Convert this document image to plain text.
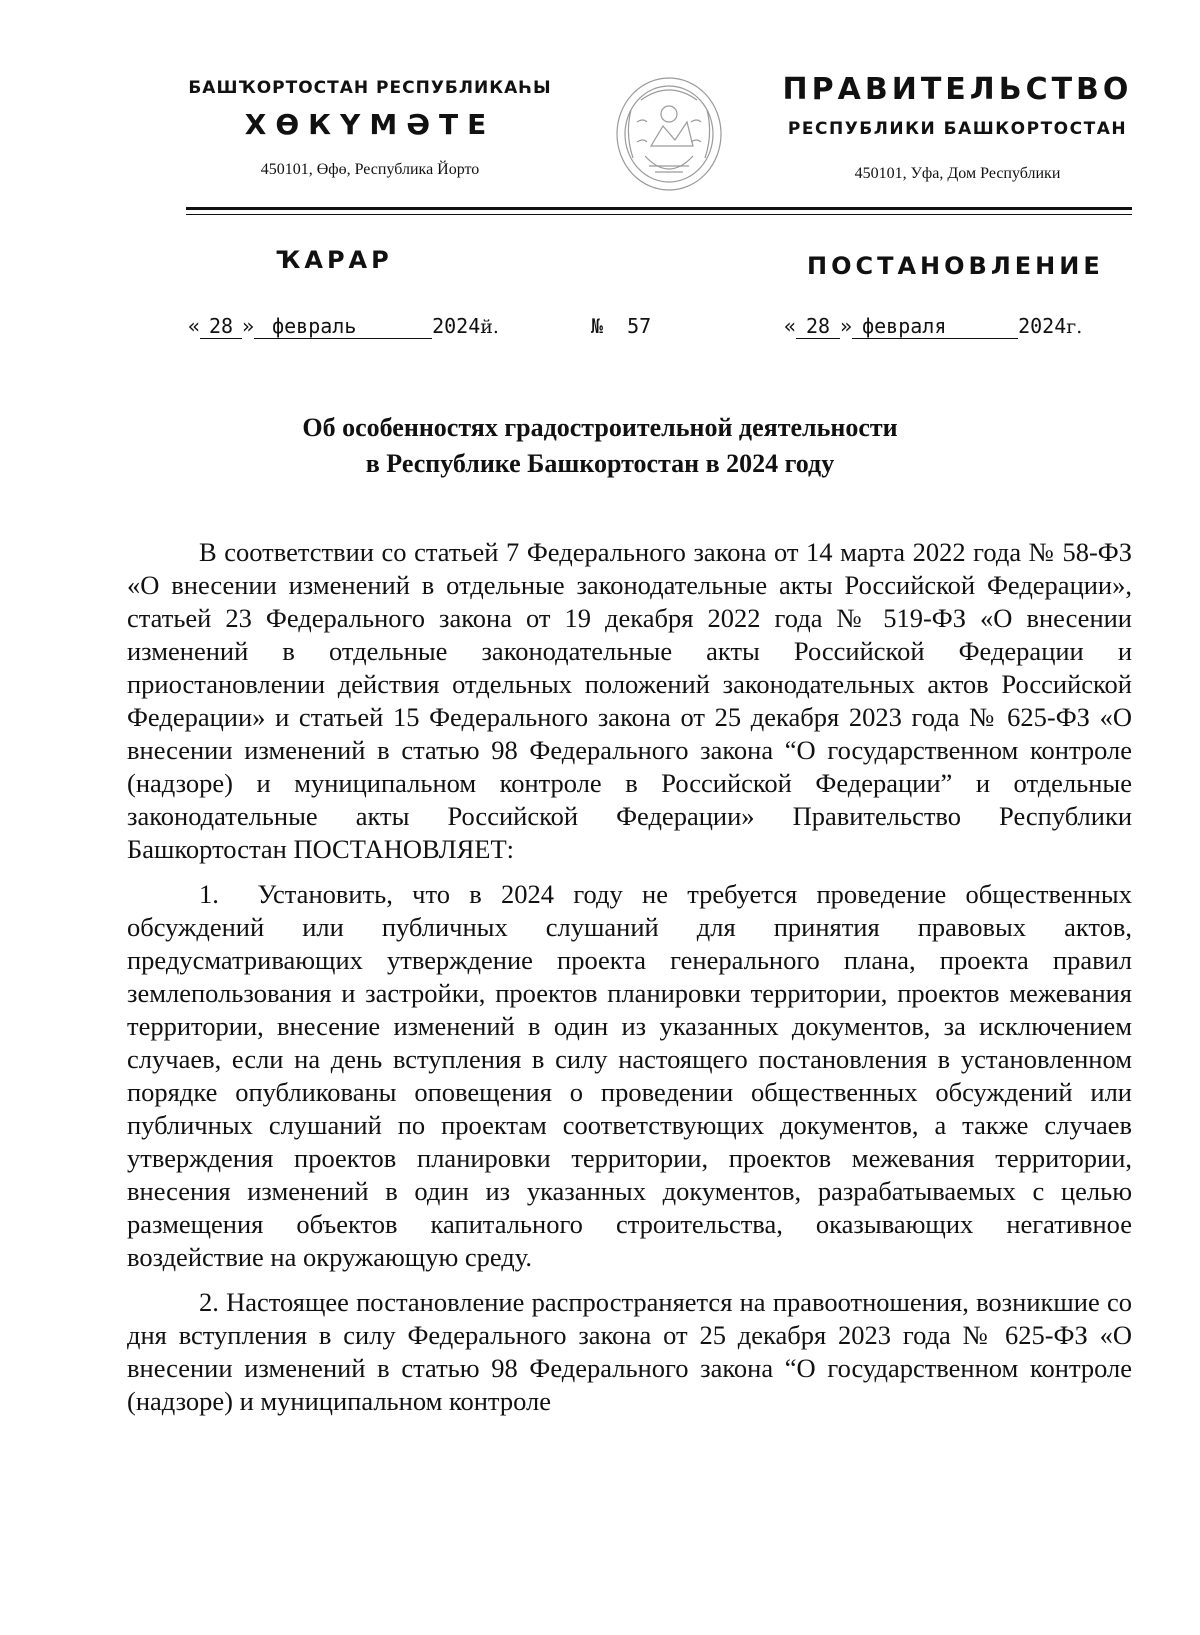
БАШҠОРТОСТАН РЕСПУБЛИКАҺЫ
ХӨКҮМӘТЕ
450101, Өфө, Республика Йорто
ПРАВИТЕЛЬСТВО
РЕСПУБЛИКИ БАШКОРТОСТАН
450101, Уфа, Дом Республики
ҠАРАР	ПОСТАНОВЛЕНИЕ
« 28 » февраль	2024й.	№ 57	« 28 » февраля	2024г.
Об особенностях градостроительной деятельности
в Республике Башкортостан в 2024 году

В соответствии со статьей 7 Федерального закона от 14 марта 2022 года № 58-ФЗ «О внесении изменений в отдельные законодательные акты Российской Федерации», статьей 23 Федерального закона от 19 декабря 2022 года № 519-ФЗ «О внесении изменений в отдельные законодательные акты Российской Федерации и приостановлении действия отдельных положений законодательных актов Российской Федерации» и статьей 15 Федерального закона от 25 декабря 2023 года № 625-ФЗ «О внесении изменений в статью 98 Федерального закона “О государственном контроле (надзоре) и муниципальном контроле в Российской Федерации” и отдельные законодательные акты Российской Федерации» Правительство Республики Башкортостан ПОСТАНОВЛЯЕТ:

1.  Установить, что в 2024 году не требуется проведение общественных обсуждений или публичных слушаний для принятия правовых актов, предусматривающих утверждение проекта генерального плана, проекта правил землепользования и застройки, проектов планировки территории, проектов межевания территории, внесение изменений в один из указанных документов, за исключением случаев, если на день вступления в силу настоящего постановления в установленном порядке опубликованы оповещения о проведении общественных обсуждений или публичных слушаний по проектам соответствующих документов, а также случаев утверждения проектов планировки территории, проектов межевания территории, внесения изменений в один из указанных документов, разрабатываемых с целью размещения объектов капитального строительства, оказывающих негативное воздействие на окружающую среду.

2. Настоящее постановление распространяется на правоотношения, возникшие со дня вступления в силу Федерального закона от 25 декабря 2023 года № 625-ФЗ «О внесении изменений в статью 98 Федерального закона “О государственном контроле (надзоре) и муниципальном контроле
